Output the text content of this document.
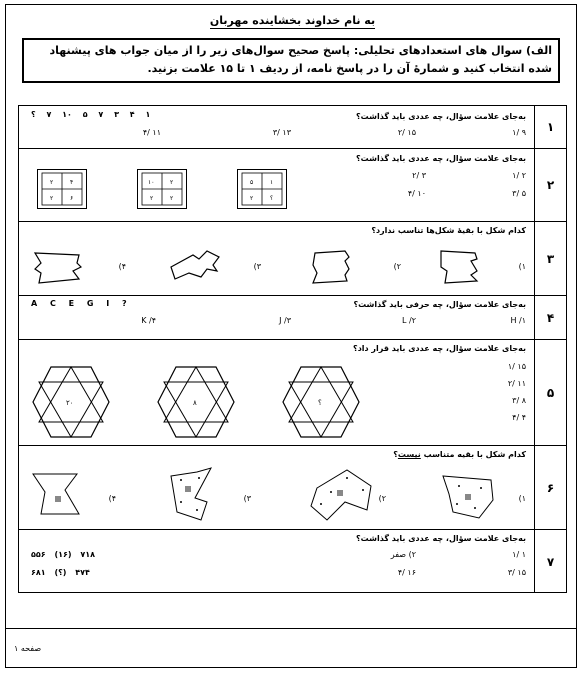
به نام خداوند بخشاینده مهربان
الف) سوال های استعدادهای تحلیلی: پاسخ صحیح سوال‌های زیر را از میان جواب های پیشنهاد شده انتخاب کنید و شمارهٔ آن را در پاسخ نامه، از ردیف ۱ تا ۱۵ علامت بزنید.
۱
به‌جای علامت سؤال، چه عددی باید گذاشت؟
۱ ۴ ۳ ۷ ۵ ۱۰ ۷ ؟
۹ /۱
۱۵ /۲
۱۳ /۳
۱۱ /۴
۲
به‌جای علامت سؤال، چه عددی باید گذاشت؟
۲ /۱
۳ /۲
۵ /۳
۱۰ /۴
۵	۱
۲	؟
۱۰	۲
۲	۲
۲	۴
۲	۶
۳
کدام شکل با بقیهٔ شکل‌ها تناسب ندارد؟
۱)
۲)
۳)
۴)
۴
به‌جای علامت سؤال، چه حرفی باید گذاشت؟
A C E G I ?
H /۱
L /۲
J /۳
K /۴
۵
به‌جای علامت سؤال، چه عددی باید قرار داد؟
۱۵ /۱
۱۱ /۲
۸ /۳
۴ /۴
؟
۸
۲۰
۶
کدام شکل با بقیه متناسب نیست؟
۱)
۲)
۳)
۴)
۷
به‌جای علامت سؤال، چه عددی باید گذاشت؟
۱ /۱
۲) صفر
۱۵ /۳
۱۶ /۴
۷۱۸ (۱۶) ۵۵۶
۴۷۴ (؟) ۶۸۱
صفحه ۱
